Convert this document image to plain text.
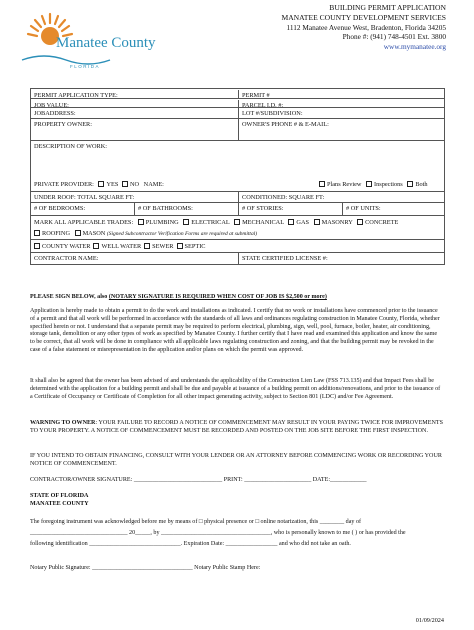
Manatee County
FLORIDA
BUILDING PERMIT APPLICATION
MANATEE COUNTY DEVELOPMENT SERVICES
1112 Manatee Avenue West, Bradenton, Florida 34205
Phone #: (941) 748-4501 Ext. 3800
www.mymanatee.org
PERMIT APPLICATION TYPE:	PERMIT #
JOB VALUE:	PARCEL I.D. #:
JOBADDRESS:	LOT #/SUBDIVISION:
PROPERTY OWNER:	OWNER'S PHONE # & E-MAIL:
DESCRIPTION OF WORK:
PRIVATE PROVIDER: YES NO NAME:	Plans Review Inspections Both
UNDER ROOF: TOTAL SQUARE FT:	CONDITIONED: SQUARE FT:
# OF BEDROOMS:	# OF BATHROOMS:	# OF STORIES:	# OF UNITS:
MARK ALL APPLICABLE TRADES: PLUMBING ELECTRICAL MECHANICAL GAS MASONRY CONCRETE
ROOFING MASON (Signed Subcontractor Verification Forms are required at submittal)
COUNTY WATER WELL WATER SEWER SEPTIC
CONTRACTOR NAME:	STATE CERTIFIED LICENSE #:
PLEASE SIGN BELOW, also (NOTARY SIGNATURE IS REQUIRED WHEN COST OF JOB IS $2,500 or more)
Application is hereby made to obtain a permit to do the work and installations as indicated. I certify that no work or installations have commenced prior to the issuance of a permit and that all work will be performed in accordance with the standards of all laws and ordinances regulating construction in Manatee County, Florida, whether specified herein or not. I understand that a separate permit may be required to perform electrical, plumbing, sign, well, pool, furnace, boiler, heater, air conditioning, storage tank, demolition or any other types of work as specified by Manatee County. I further certify that I have read and examined this application and know the same to be correct, that all work will be done in compliance with all applicable laws regulating construction and zoning, and that the building permit may be revoked in the case of a false statement or misrepresentation in the application and/or plans on which the permit was approved.
It shall also be agreed that the owner has been advised of and understands the applicability of the Construction Lien Law (FSS 713.135) and that Impact Fees shall be determined with the application for a building permit and shall be due and payable at issuance of a building permit on additions/renovations, and prior to the issuance of a Certificate of Occupancy or Certificate of Completion for all other impact generating activity, subject to Section 801 (LDC) and/or Fee Agreement.
WARNING TO OWNER: YOUR FAILURE TO RECORD A NOTICE OF COMMENCEMENT MAY RESULT IN YOUR PAYING TWICE FOR IMPROVEMENTS TO YOUR PROPERTY. A NOTICE OF COMMENCEMENT MUST BE RECORDED AND POSTED ON THE JOB SITE BEFORE THE FIRST INSPECTION.
IF YOU INTEND TO OBTAIN FINANCING, CONSULT WITH YOUR LENDER OR AN ATTORNEY BEFORE COMMENCING WORK OR RECORDING YOUR NOTICE OF COMMENCEMENT.
CONTRACTOR/OWNER SIGNATURE: _____________________________ PRINT: ______________________ DATE:____________
STATE OF FLORIDA
MANATEE COUNTY
The foregoing instrument was acknowledged before me by means of □ physical presence or □ online notarization, this ________ day of
________________________________ 20_____, by ____________________________________, who is personally known to me ( ) or has provided the
following identification ______________________________. Expiration Date: _________________ and who did not take an oath.
Notary Public Signature: _________________________________ Notary Public Stamp Here:
01/09/2024
